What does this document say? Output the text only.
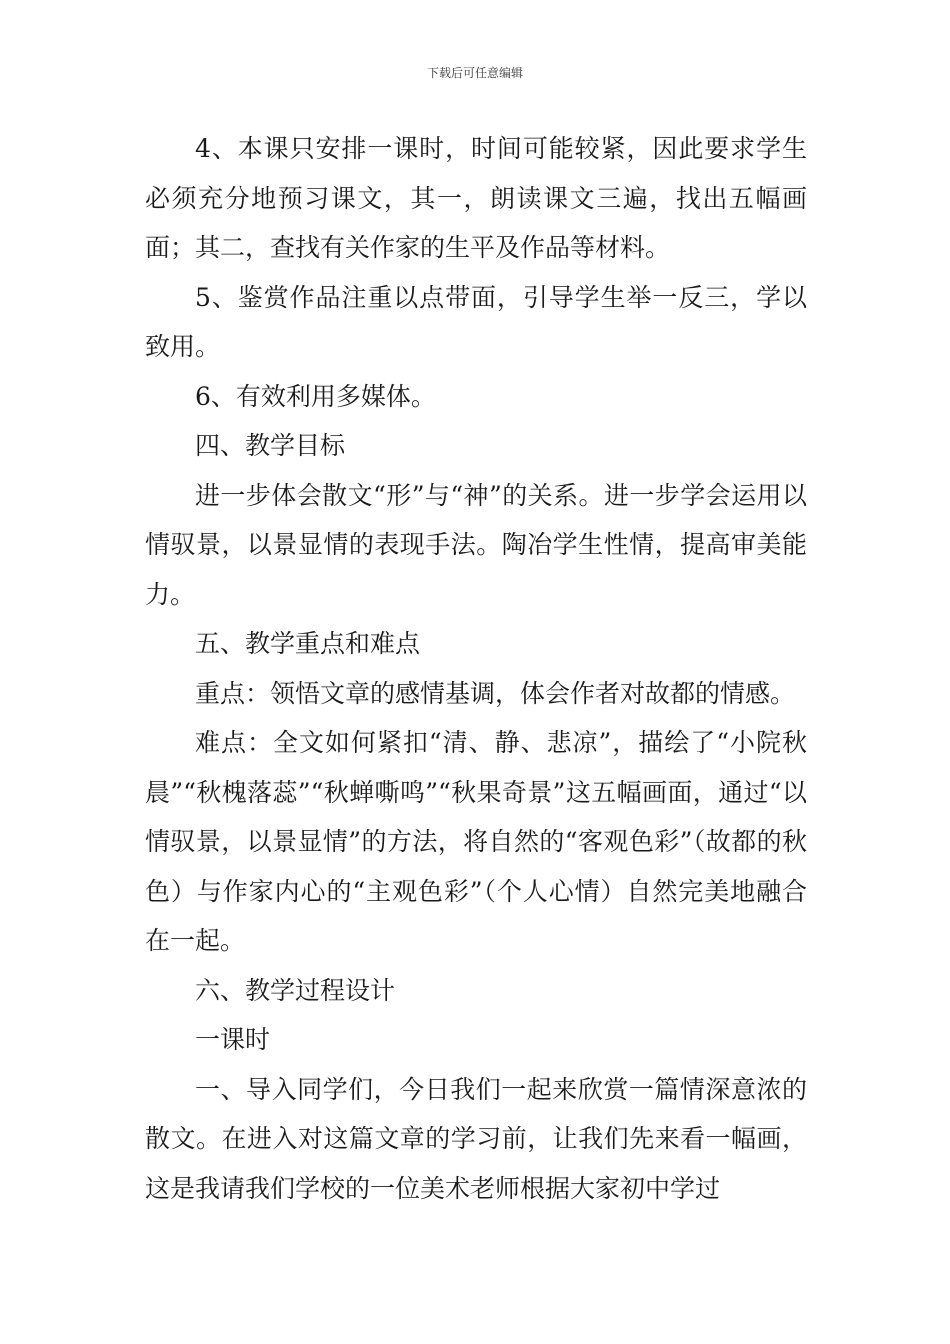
下载后可任意编辑

4、本课只安排一课时，时间可能较紧，因此要求学生必须充分地预习课文，其一，朗读课文三遍，找出五幅画面；其二，查找有关作家的生平及作品等材料。

5、鉴赏作品注重以点带面，引导学生举一反三，学以致用。

6、有效利用多媒体。

四、教学目标

进一步体会散文“形”与“神”的关系。进一步学会运用以情驭景，以景显情的表现手法。陶冶学生性情，提高审美能力。

五、教学重点和难点

重点：领悟文章的感情基调，体会作者对故都的情感。

难点：全文如何紧扣“清、静、悲凉”，描绘了“小院秋晨”“秋槐落蕊”“秋蝉嘶鸣”“秋果奇景”这五幅画面，通过“以情驭景，以景显情”的方法，将自然的“客观色彩”（故都的秋色）与作家内心的“主观色彩”（个人心情）自然完美地融合在一起。

六、教学过程设计

一课时

一、导入同学们，今日我们一起来欣赏一篇情深意浓的散文。在进入对这篇文章的学习前，让我们先来看一幅画，这是我请我们学校的一位美术老师根据大家初中学过
